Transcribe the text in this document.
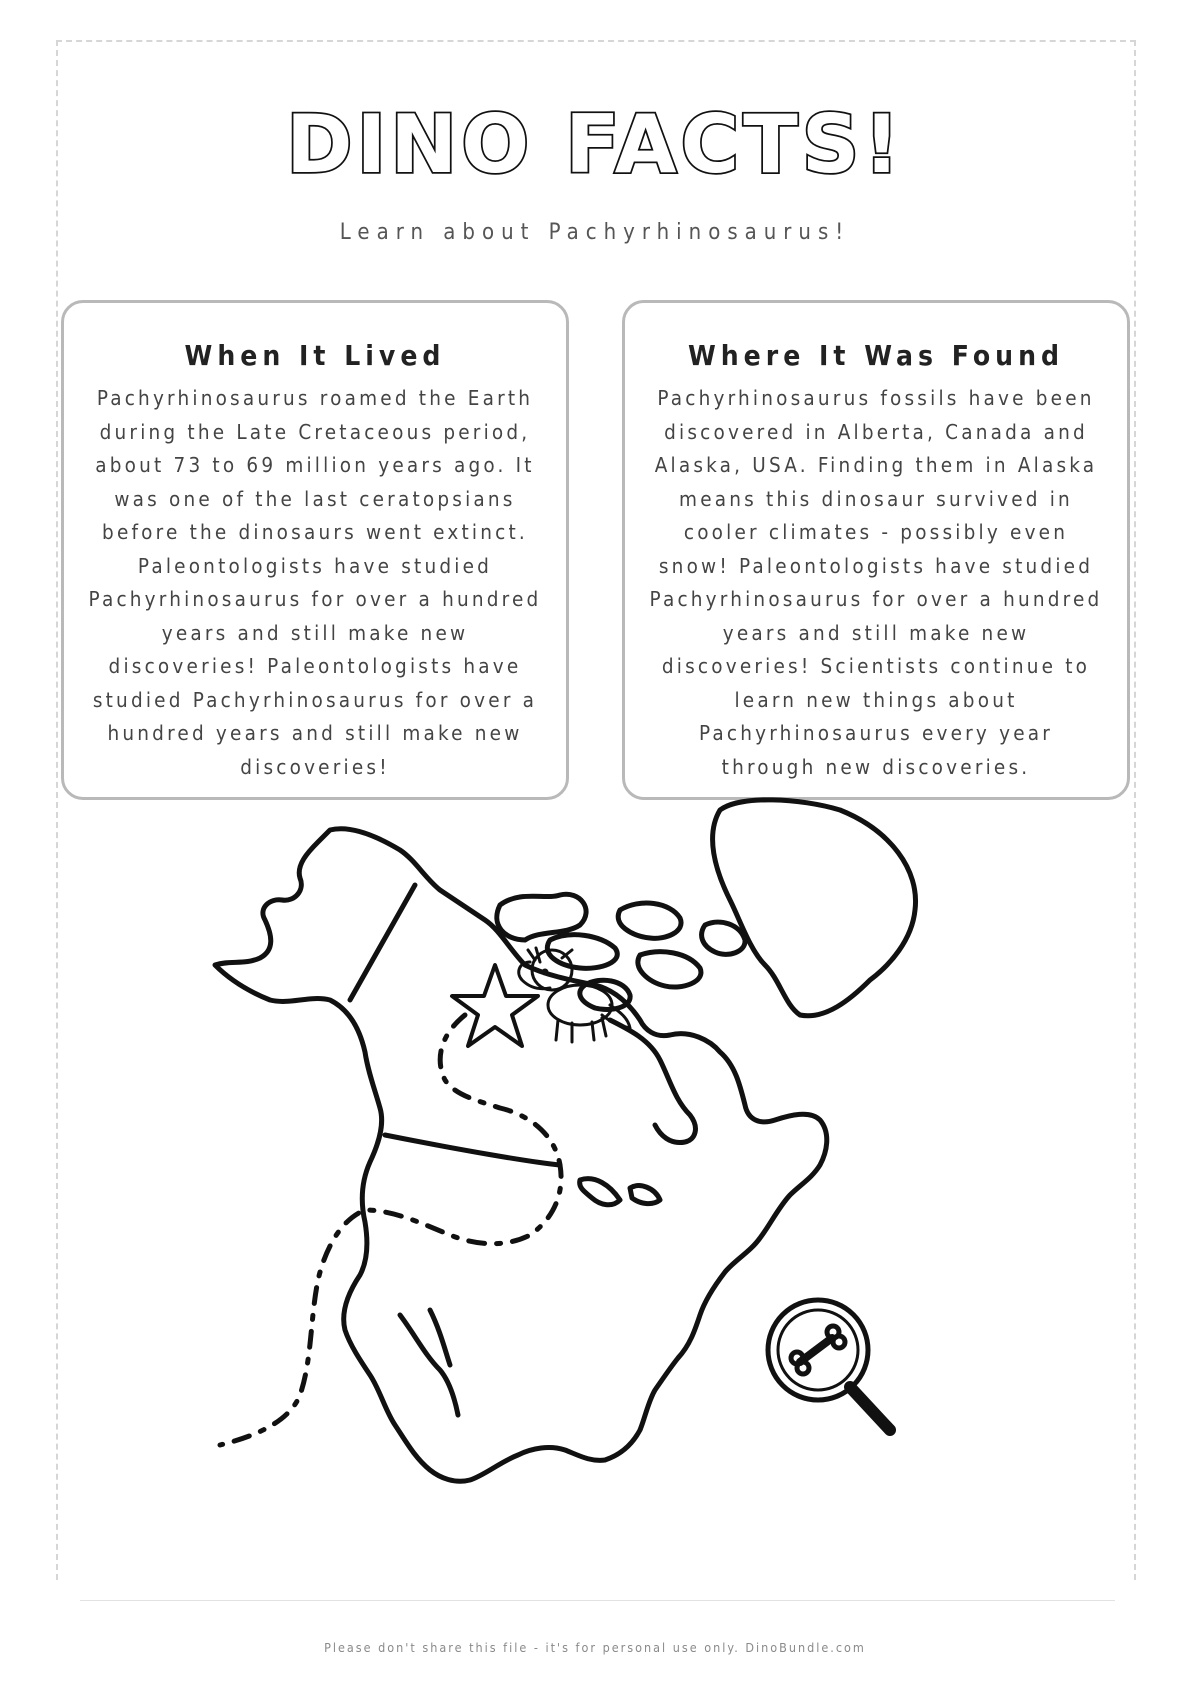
DINO FACTS!
Learn about Pachyrhinosaurus!
When It Lived

Pachyrhinosaurus roamed the Earth during the Late Cretaceous period, about 73 to 69 million years ago. It was one of the last ceratopsians before the dinosaurs went extinct. Paleontologists have studied Pachyrhinosaurus for over a hundred years and still make new discoveries! Paleontologists have studied Pachyrhinosaurus for over a hundred years and still make new discoveries!

Where It Was Found

Pachyrhinosaurus fossils have been discovered in Alberta, Canada and Alaska, USA. Finding them in Alaska means this dinosaur survived in cooler climates - possibly even snow! Paleontologists have studied Pachyrhinosaurus for over a hundred years and still make new discoveries! Scientists continue to learn new things about Pachyrhinosaurus every year through new discoveries.

Please don't share this file - it's for personal use only. DinoBundle.com
